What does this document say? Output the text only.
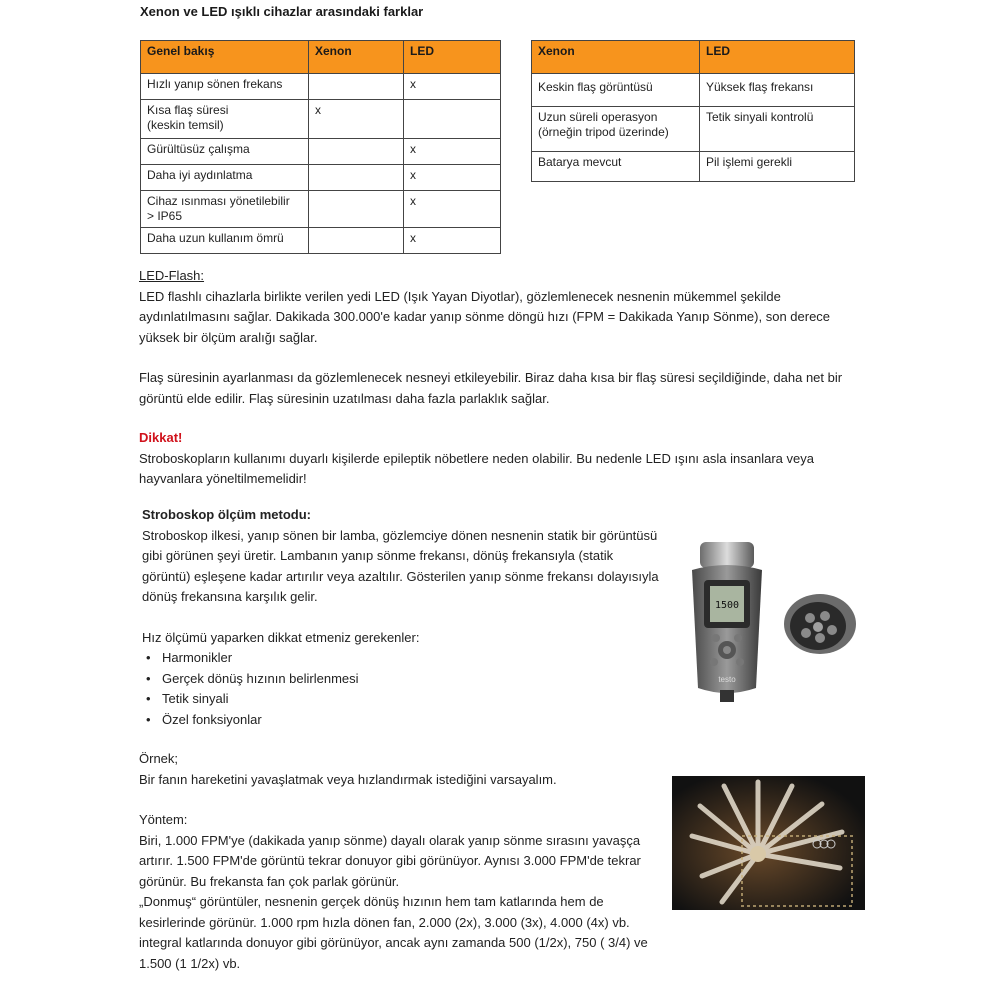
Xenon ve LED ışıklı cihazlar arasındaki farklar
Genel bakış	Xenon	LED
Hızlı yanıp sönen frekans		x
Kısa flaş süresi
(keskin temsil)	x	
Gürültüsüz çalışma		x
Daha iyi aydınlatma		x
Cihaz ısınması yönetilebilir
> IP65		x
Daha uzun kullanım ömrü		x
Xenon	LED
Keskin flaş görüntüsü	Yüksek flaş frekansı
Uzun süreli operasyon
(örneğin tripod üzerinde)	Tetik sinyali kontrolü
Batarya mevcut	Pil işlemi gerekli
LED-Flash:
LED flashlı cihazlarla birlikte verilen yedi LED (Işık Yayan Diyotlar), gözlemlenecek nesnenin mükemmel şekilde aydınlatılmasını sağlar. Dakikada 300.000'e kadar yanıp sönme döngü hızı (FPM = Dakikada Yanıp Sönme), son derece yüksek bir ölçüm aralığı sağlar.
Flaş süresinin ayarlanması da gözlemlenecek nesneyi etkileyebilir. Biraz daha kısa bir flaş süresi seçildiğinde, daha net bir görüntü elde edilir. Flaş süresinin uzatılması daha fazla parlaklık sağlar.
Dikkat!
Stroboskopların kullanımı duyarlı kişilerde epileptik nöbetlere neden olabilir. Bu nedenle LED ışını asla insanlara veya hayvanlara yöneltilmemelidir!
Stroboskop ölçüm metodu:
Stroboskop ilkesi, yanıp sönen bir lamba, gözlemciye dönen nesnenin statik bir görüntüsü gibi görünen şeyi üretir. Lambanın yanıp sönme frekansı, dönüş frekansıyla (statik görüntü) eşleşene kadar artırılır veya azaltılır. Gösterilen yanıp sönme frekansı dolayısıyla dönüş frekansına karşılık gelir.
Hız ölçümü yaparken dikkat etmeniz gerekenler:
• Harmonikler
• Gerçek dönüş hızının belirlenmesi
• Tetik sinyali
• Özel fonksiyonlar
1500
testo
Örnek;
Bir fanın hareketini yavaşlatmak veya hızlandırmak istediğini varsayalım.
Yöntem:
Biri, 1.000 FPM'ye (dakikada yanıp sönme) dayalı olarak yanıp sönme sırasını yavaşça artırır. 1.500 FPM'de görüntü tekrar donuyor gibi görünüyor. Aynısı 3.000 FPM'de tekrar görünür. Bu frekansta fan çok parlak görünür.
„Donmuş“ görüntüler, nesnenin gerçek dönüş hızının hem tam katlarında hem de kesirlerinde görünür. 1.000 rpm hızla dönen fan, 2.000 (2x), 3.000 (3x), 4.000 (4x) vb. integral katlarında donuyor gibi görünüyor, ancak aynı zamanda 500 (1/2x), 750 ( 3/4) ve 1.500 (1 1/2x) vb.
